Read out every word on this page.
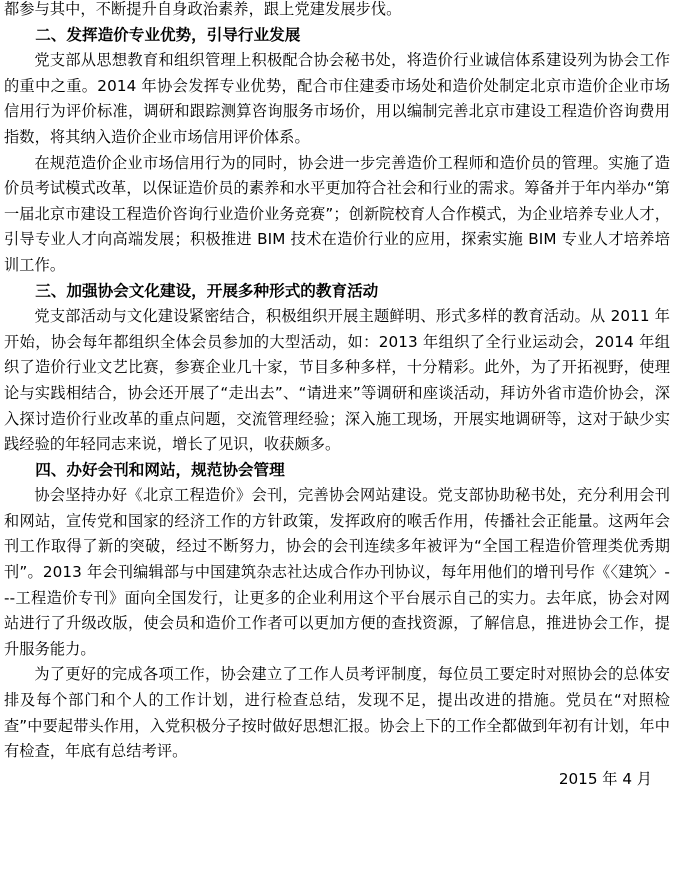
都参与其中，不断提升自身政治素养，跟上党建发展步伐。

二、发挥造价专业优势，引导行业发展

党支部从思想教育和组织管理上积极配合协会秘书处，将造价行业诚信体系建设列为协会工作的重中之重。2014 年协会发挥专业优势，配合市住建委市场处和造价处制定北京市造价企业市场信用行为评价标准，调研和跟踪测算咨询服务市场价，用以编制完善北京市建设工程造价咨询费用指数，将其纳入造价企业市场信用评价体系。

在规范造价企业市场信用行为的同时，协会进一步完善造价工程师和造价员的管理。实施了造价员考试模式改革，以保证造价员的素养和水平更加符合社会和行业的需求。筹备并于年内举办“第一届北京市建设工程造价咨询行业造价业务竞赛”；创新院校育人合作模式，为企业培养专业人才，引导专业人才向高端发展；积极推进 BIM 技术在造价行业的应用，探索实施 BIM 专业人才培养培训工作。

三、加强协会文化建设，开展多种形式的教育活动

党支部活动与文化建设紧密结合，积极组织开展主题鲜明、形式多样的教育活动。从 2011 年开始，协会每年都组织全体会员参加的大型活动，如：2013 年组织了全行业运动会，2014 年组织了造价行业文艺比赛，参赛企业几十家，节目多种多样，十分精彩。此外，为了开拓视野，使理论与实践相结合，协会还开展了“走出去”、“请进来”等调研和座谈活动，拜访外省市造价协会，深入探讨造价行业改革的重点问题，交流管理经验；深入施工现场，开展实地调研等，这对于缺少实践经验的年轻同志来说，增长了见识，收获颇多。

四、办好会刊和网站，规范协会管理

协会坚持办好《北京工程造价》会刊，完善协会网站建设。党支部协助秘书处，充分利用会刊和网站，宣传党和国家的经济工作的方针政策，发挥政府的喉舌作用，传播社会正能量。这两年会刊工作取得了新的突破，经过不断努力，协会的会刊连续多年被评为“全国工程造价管理类优秀期刊”。2013 年会刊编辑部与中国建筑杂志社达成合作办刊协议，每年用他们的增刊号作《〈建筑〉---工程造价专刊》面向全国发行，让更多的企业利用这个平台展示自己的实力。去年底，协会对网站进行了升级改版，使会员和造价工作者可以更加方便的查找资源，了解信息，推进协会工作，提升服务能力。

为了更好的完成各项工作，协会建立了工作人员考评制度，每位员工要定时对照协会的总体安排及每个部门和个人的工作计划，进行检查总结，发现不足，提出改进的措施。党员在“对照检查”中要起带头作用，入党积极分子按时做好思想汇报。协会上下的工作全都做到年初有计划，年中有检查，年底有总结考评。

2015 年 4 月
